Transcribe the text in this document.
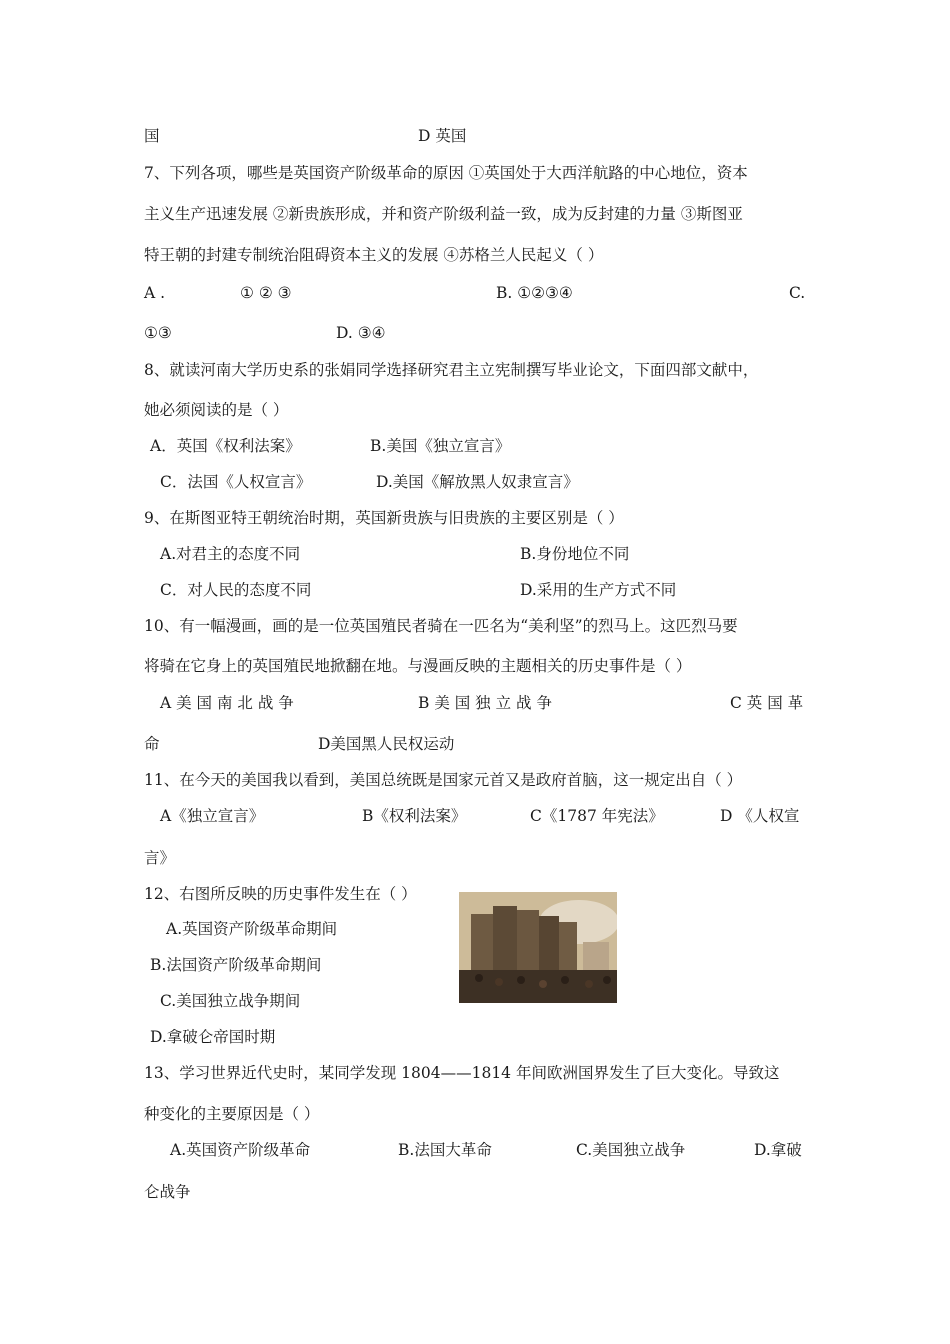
国	D 英国
7、下列各项，哪些是英国资产阶级革命的原因 ①英国处于大西洋航路的中心地位，资本
主义生产迅速发展 ②新贵族形成，并和资产阶级利益一致，成为反封建的力量 ③斯图亚
特王朝的封建专制统治阻碍资本主义的发展 ④苏格兰人民起义（ ）
A .	① ② ③	B. ①②③④	C.
①③	D. ③④
8、就读河南大学历史系的张娟同学选择研究君主立宪制撰写毕业论文，下面四部文献中，
她必须阅读的是（ ）
A．英国《权利法案》	B.美国《独立宣言》
C．法国《人权宣言》	D.美国《解放黑人奴隶宣言》
9、在斯图亚特王朝统治时期，英国新贵族与旧贵族的主要区别是（ ）
A.对君主的态度不同	B.身份地位不同
C．对人民的态度不同	D.采用的生产方式不同
10、有一幅漫画，画的是一位英国殖民者骑在一匹名为“美利坚”的烈马上。这匹烈马要
将骑在它身上的英国殖民地掀翻在地。与漫画反映的主题相关的历史事件是（ ）
A 美 国 南 北 战 争	B 美 国 独 立 战 争	C 英 国 革
命	D美国黑人民权运动
11、在今天的美国我以看到，美国总统既是国家元首又是政府首脑，这一规定出自（ ）
A《独立宣言》	B《权利法案》	C《1787 年宪法》	D 《人权宣
言》
12、右图所反映的历史事件发生在（ ）
A.英国资产阶级革命期间
B.法国资产阶级革命期间
C.美国独立战争期间
D.拿破仑帝国时期
13、学习世界近代史时，某同学发现 1804——1814 年间欧洲国界发生了巨大变化。导致这
种变化的主要原因是（ ）
A.英国资产阶级革命	B.法国大革命	C.美国独立战争	D.拿破
仑战争
